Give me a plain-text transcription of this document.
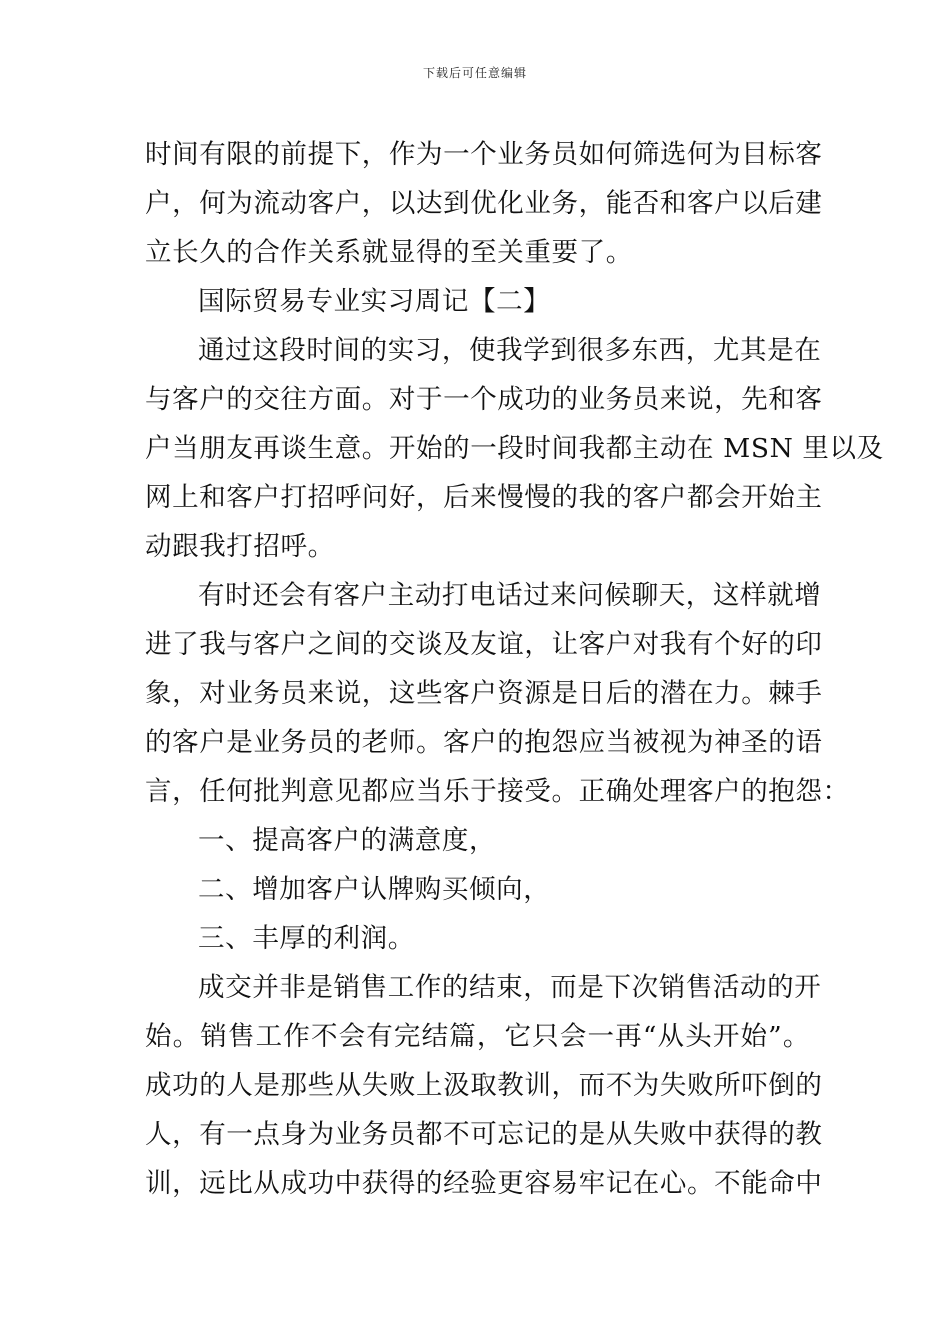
下载后可任意编辑

时间有限的前提下，作为一个业务员如何筛选何为目标客
户，何为流动客户，以达到优化业务，能否和客户以后建
立长久的合作关系就显得的至关重要了。

国际贸易专业实习周记【二】

通过这段时间的实习，使我学到很多东西，尤其是在
与客户的交往方面。对于一个成功的业务员来说，先和客
户当朋友再谈生意。开始的一段时间我都主动在 MSN 里以及
网上和客户打招呼问好，后来慢慢的我的客户都会开始主
动跟我打招呼。

有时还会有客户主动打电话过来问候聊天，这样就增
进了我与客户之间的交谈及友谊，让客户对我有个好的印
象，对业务员来说，这些客户资源是日后的潜在力。棘手
的客户是业务员的老师。客户的抱怨应当被视为神圣的语
言，任何批判意见都应当乐于接受。正确处理客户的抱怨：

一、提高客户的满意度，

二、增加客户认牌购买倾向，

三、丰厚的利润。

成交并非是销售工作的结束，而是下次销售活动的开
始。销售工作不会有完结篇，它只会一再“从头开始”。
成功的人是那些从失败上汲取教训，而不为失败所吓倒的
人，有一点身为业务员都不可忘记的是从失败中获得的教
训，远比从成功中获得的经验更容易牢记在心。不能命中
